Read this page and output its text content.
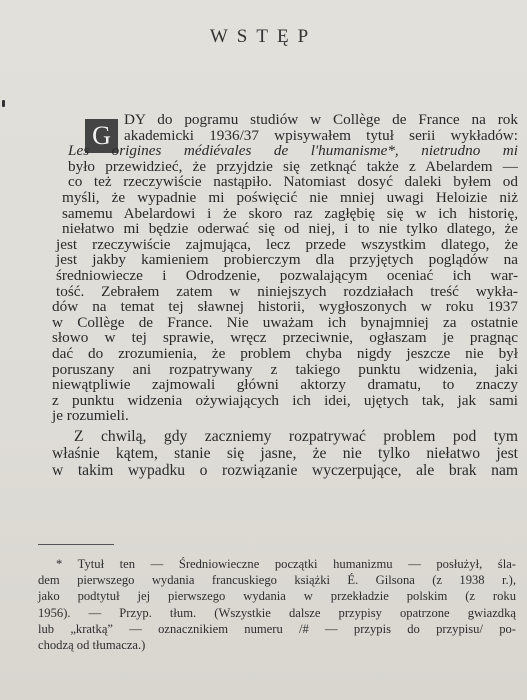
WSTĘP
G
DY do pogramu studiów w Collège de France na rok
akademicki 1936/37 wpisywałem tytuł serii wykładów:
Les origines médiévales de l'humanisme*, nietrudno mi
było przewidzieć, że przyjdzie się zetknąć także z Abelardem —
co też rzeczywiście nastąpiło. Natomiast dosyć daleki byłem od
myśli, że wypadnie mi poświęcić nie mniej uwagi Heloizie niż
samemu Abelardowi i że skoro raz zagłębię się w ich historię,
niełatwo mi będzie oderwać się od niej, i to nie tylko dlatego, że
jest rzeczywiście zajmująca, lecz przede wszystkim dlatego, że
jest jakby kamieniem probierczym dla przyjętych poglądów na
średniowiecze i Odrodzenie, pozwalającym oceniać ich war-
tość. Zebrałem zatem w niniejszych rozdziałach treść wykła-
dów na temat tej sławnej historii, wygłoszonych w roku 1937
w Collège de France. Nie uważam ich bynajmniej za ostatnie
słowo w tej sprawie, wręcz przeciwnie, ogłaszam je pragnąc
dać do zrozumienia, że problem chyba nigdy jeszcze nie był
poruszany ani rozpatrywany z takiego punktu widzenia, jaki
niewątpliwie zajmowali główni aktorzy dramatu, to znaczy
z punktu widzenia ożywiających ich idei, ujętych tak, jak sami
je rozumieli.
Z chwilą, gdy zaczniemy rozpatrywać problem pod tym
właśnie kątem, stanie się jasne, że nie tylko niełatwo jest
w takim wypadku o rozwiązanie wyczerpujące, ale brak nam
* Tytuł ten — Średniowieczne początki humanizmu — posłużył, śla-
dem pierwszego wydania francuskiego książki É. Gilsona (z 1938 r.),
jako podtytuł jej pierwszego wydania w przekładzie polskim (z roku
1956). — Przyp. tłum. (Wszystkie dalsze przypisy opatrzone gwiazdką
lub „kratką” — oznacznikiem numeru /# — przypis do przypisu/ po-
chodzą od tłumacza.)
